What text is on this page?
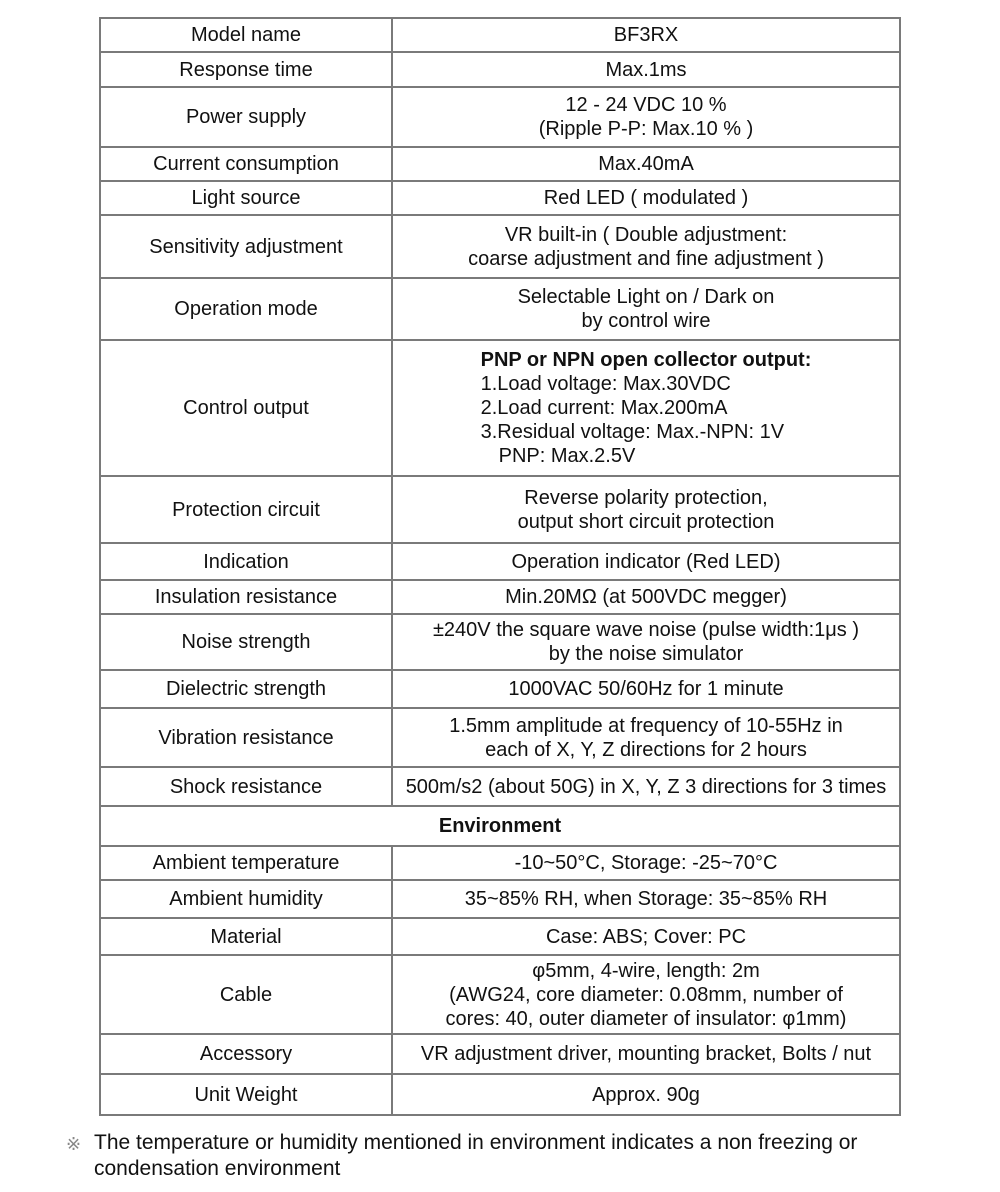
Model name	BF3RX

Response time	Max.1ms

Power supply	12 - 24 VDC 10 %
(Ripple P-P: Max.10 % )

Current consumption	Max.40mA

Light source	Red LED ( modulated )

Sensitivity adjustment	VR built-in ( Double adjustment:
coarse adjustment and fine adjustment )

Operation mode	Selectable Light on / Dark on
by control wire

Control output	PNP or NPN open collector output:
1.Load voltage: Max.30VDC
2.Load current: Max.200mA
3.Residual voltage: Max.-NPN: 1V
PNP: Max.2.5V

Protection circuit	Reverse polarity protection,
output short circuit protection

Indication	Operation indicator (Red LED)

Insulation resistance	Min.20MΩ (at 500VDC megger)

Noise strength	±240V the square wave noise (pulse width:1μs )
by the noise simulator

Dielectric strength	1000VAC 50/60Hz for 1 minute

Vibration resistance	1.5mm amplitude at frequency of 10-55Hz in
each of X, Y, Z directions for 2 hours

Shock resistance	500m/s2 (about 50G) in X, Y, Z 3 directions for 3 times

Environment	
Ambient temperature	-10~50°C, Storage: -25~70°C

Ambient humidity	35~85% RH, when Storage: 35~85% RH

Material	Case: ABS; Cover: PC

Cable	φ5mm, 4-wire, length: 2m
(AWG24, core diameter: 0.08mm, number of
cores: 40, outer diameter of insulator: φ1mm)

Accessory	VR adjustment driver, mounting bracket, Bolts / nut

Unit Weight	Approx. 90g
※ The temperature or humidity mentioned in environment indicates a non freezing or condensation environment
